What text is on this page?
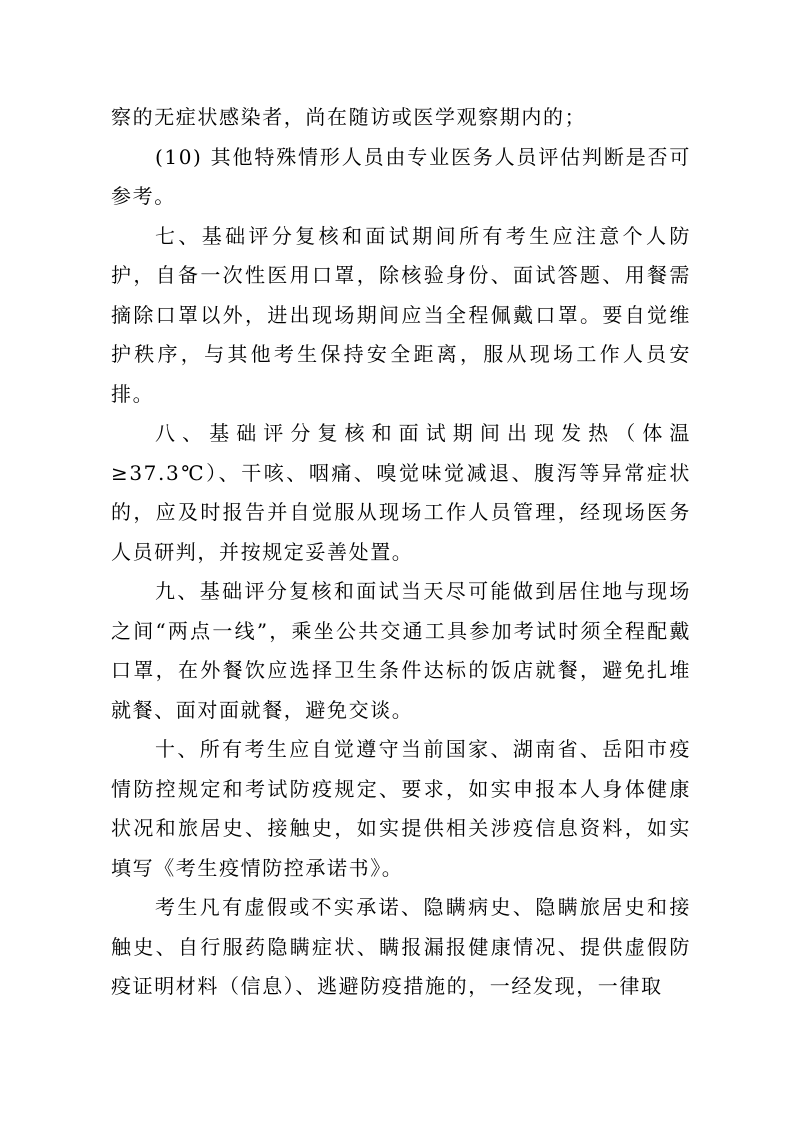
察的无症状感染者，尚在随访或医学观察期内的；

(10) 其他特殊情形人员由专业医务人员评估判断是否可参考。

七、基础评分复核和面试期间所有考生应注意个人防护，自备一次性医用口罩，除核验身份、面试答题、用餐需摘除口罩以外，进出现场期间应当全程佩戴口罩。要自觉维护秩序，与其他考生保持安全距离，服从现场工作人员安排。

八、基础评分复核和面试期间出现发热（体温≥37.3℃）、干咳、咽痛、嗅觉味觉减退、腹泻等异常症状的，应及时报告并自觉服从现场工作人员管理，经现场医务人员研判，并按规定妥善处置。

九、基础评分复核和面试当天尽可能做到居住地与现场之间“两点一线”，乘坐公共交通工具参加考试时须全程配戴口罩，在外餐饮应选择卫生条件达标的饭店就餐，避免扎堆就餐、面对面就餐，避免交谈。

十、所有考生应自觉遵守当前国家、湖南省、岳阳市疫情防控规定和考试防疫规定、要求，如实申报本人身体健康状况和旅居史、接触史，如实提供相关涉疫信息资料，如实填写《考生疫情防控承诺书》。

考生凡有虚假或不实承诺、隐瞒病史、隐瞒旅居史和接触史、自行服药隐瞒症状、瞒报漏报健康情况、提供虚假防疫证明材料（信息）、逃避防疫措施的，一经发现，一律取
